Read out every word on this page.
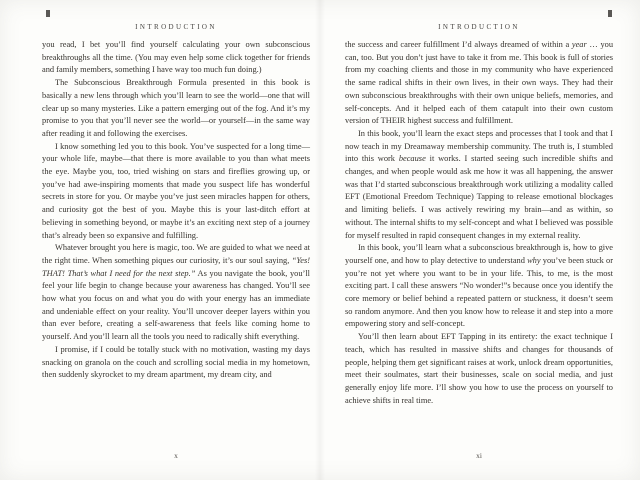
INTRODUCTION

you read, I bet you’ll find yourself calculating your own subconscious breakthroughs all the time. (You may even help some click together for friends and family members, something I have way too much fun doing.)

The Subconscious Breakthrough Formula presented in this book is basically a new lens through which you’ll learn to see the world—one that will clear up so many mysteries. Like a pattern emerging out of the fog. And it’s my promise to you that you’ll never see the world—or yourself—in the same way after reading it and following the exercises.

I know something led you to this book. You’ve suspected for a long time—your whole life, maybe—that there is more available to you than what meets the eye. Maybe you, too, tried wishing on stars and fireflies growing up, or you’ve had awe-inspiring moments that made you suspect life has wonderful secrets in store for you. Or maybe you’ve just seen miracles happen for others, and curiosity got the best of you. Maybe this is your last-ditch effort at believing in something beyond, or maybe it’s an exciting next step of a journey that’s already been so expansive and fulfilling.

Whatever brought you here is magic, too. We are guided to what we need at the right time. When something piques our curiosity, it’s our soul saying, “Yes! THAT! That’s what I need for the next step.” As you navigate the book, you’ll feel your life begin to change because your awareness has changed. You’ll see how what you focus on and what you do with your energy has an immediate and undeniable effect on your reality. You’ll uncover deeper layers within you than ever before, creating a self-awareness that feels like coming home to yourself. And you’ll learn all the tools you need to radically shift everything.

I promise, if I could be totally stuck with no motivation, wasting my days snacking on granola on the couch and scrolling social media in my hometown, then suddenly skyrocket to my dream apartment, my dream city, and

x
INTRODUCTION

the success and career fulfillment I’d always dreamed of within a year … you can, too. But you don’t just have to take it from me. This book is full of stories from my coaching clients and those in my community who have experienced the same radical shifts in their own lives, in their own ways. They had their own subconscious breakthroughs with their own unique beliefs, memories, and self-concepts. And it helped each of them catapult into their own custom version of THEIR highest success and fulfillment.

In this book, you’ll learn the exact steps and processes that I took and that I now teach in my Dreamaway membership community. The truth is, I stumbled into this work because it works. I started seeing such incredible shifts and changes, and when people would ask me how it was all happening, the answer was that I’d started subconscious breakthrough work utilizing a modality called EFT (Emotional Freedom Technique) Tapping to release emotional blockages and limiting beliefs. I was actively rewiring my brain—and as within, so without. The internal shifts to my self-concept and what I believed was possible for myself resulted in rapid consequent changes in my external reality.

In this book, you’ll learn what a subconscious breakthrough is, how to give yourself one, and how to play detective to understand why you’ve been stuck or you’re not yet where you want to be in your life. This, to me, is the most exciting part. I call these answers “No wonder!”s because once you identify the core memory or belief behind a repeated pattern or stuckness, it doesn’t seem so random anymore. And then you know how to release it and step into a more empowering story and self-concept.

You’ll then learn about EFT Tapping in its entirety: the exact technique I teach, which has resulted in massive shifts and changes for thousands of people, helping them get significant raises at work, unlock dream opportunities, meet their soulmates, start their businesses, scale on social media, and just generally enjoy life more. I’ll show you how to use the process on yourself to achieve shifts in real time.

xi
